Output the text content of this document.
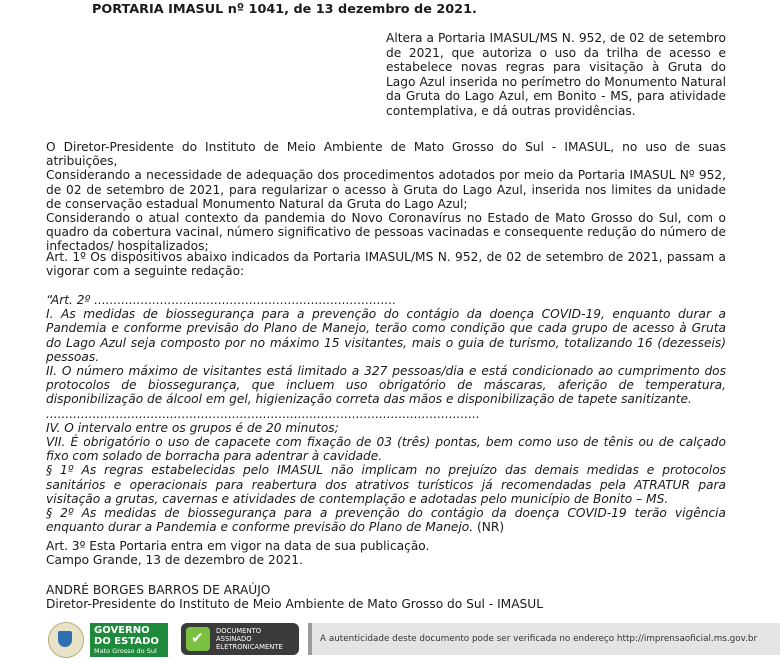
PORTARIA IMASUL nº 1041, de 13 dezembro de 2021.
Altera a Portaria IMASUL/MS N. 952, de 02 de setembro de 2021, que autoriza o uso da trilha de acesso e estabelece novas regras para visitação à Gruta do Lago Azul inserida no perímetro do Monumento Natural da Gruta do Lago Azul, em Bonito - MS, para atividade contemplativa, e dá outras providências.
O Diretor-Presidente do Instituto de Meio Ambiente de Mato Grosso do Sul - IMASUL, no uso de suas atribuições,
Considerando a necessidade de adequação dos procedimentos adotados por meio da Portaria IMASUL Nº 952, de 02 de setembro de 2021, para regularizar o acesso à Gruta do Lago Azul, inserida nos limites da unidade de conservação estadual Monumento Natural da Gruta do Lago Azul;
Considerando o atual contexto da pandemia do Novo Coronavírus no Estado de Mato Grosso do Sul, com o quadro da cobertura vacinal, número significativo de pessoas vacinadas e consequente redução do número de infectados/ hospitalizados;
Art. 1º Os dispositivos abaixo indicados da Portaria IMASUL/MS N. 952, de 02 de setembro de 2021, passam a vigorar com a seguinte redação:
“Art. 2º ..............................................................................
I. As medidas de biossegurança para a prevenção do contágio da doença COVID-19, enquanto durar a Pandemia e conforme previsão do Plano de Manejo, terão como condição que cada grupo de acesso à Gruta do Lago Azul seja composto por no máximo 15 visitantes, mais o guia de turismo, totalizando 16 (dezesseis) pessoas.
II. O número máximo de visitantes está limitado a 327 pessoas/dia e está condicionado ao cumprimento dos protocolos de biossegurança, que incluem uso obrigatório de máscaras, aferição de temperatura, disponibilização de álcool em gel, higienização correta das mãos e disponibilização de tapete sanitizante.
................................................................................................................
IV. O intervalo entre os grupos é de 20 minutos;
VII. É obrigatório o uso de capacete com fixação de 03 (três) pontas, bem como uso de tênis ou de calçado fixo com solado de borracha para adentrar à cavidade.
§ 1º As regras estabelecidas pelo IMASUL não implicam no prejuízo das demais medidas e protocolos sanitários e operacionais para reabertura dos atrativos turísticos já recomendadas pela ATRATUR para visitação a grutas, cavernas e atividades de contemplação e adotadas pelo município de Bonito – MS.
§ 2º As medidas de biossegurança para a prevenção do contágio da doença COVID-19 terão vigência enquanto durar a Pandemia e conforme previsão do Plano de Manejo. (NR)
Art. 3º Esta Portaria entra em vigor na data de sua publicação.
Campo Grande, 13 de dezembro de 2021.
ANDRÉ BORGES BARROS DE ARAÚJO
Diretor-Presidente do Instituto de Meio Ambiente de Mato Grosso do Sul - IMASUL
GOVERNO
DO ESTADO
Mato Grosso do Sul
✔
DOCUMENTO
ASSINADO
ELETRONICAMENTE
A autenticidade deste documento pode ser verificada no endereço http://imprensaoficial.ms.gov.br
